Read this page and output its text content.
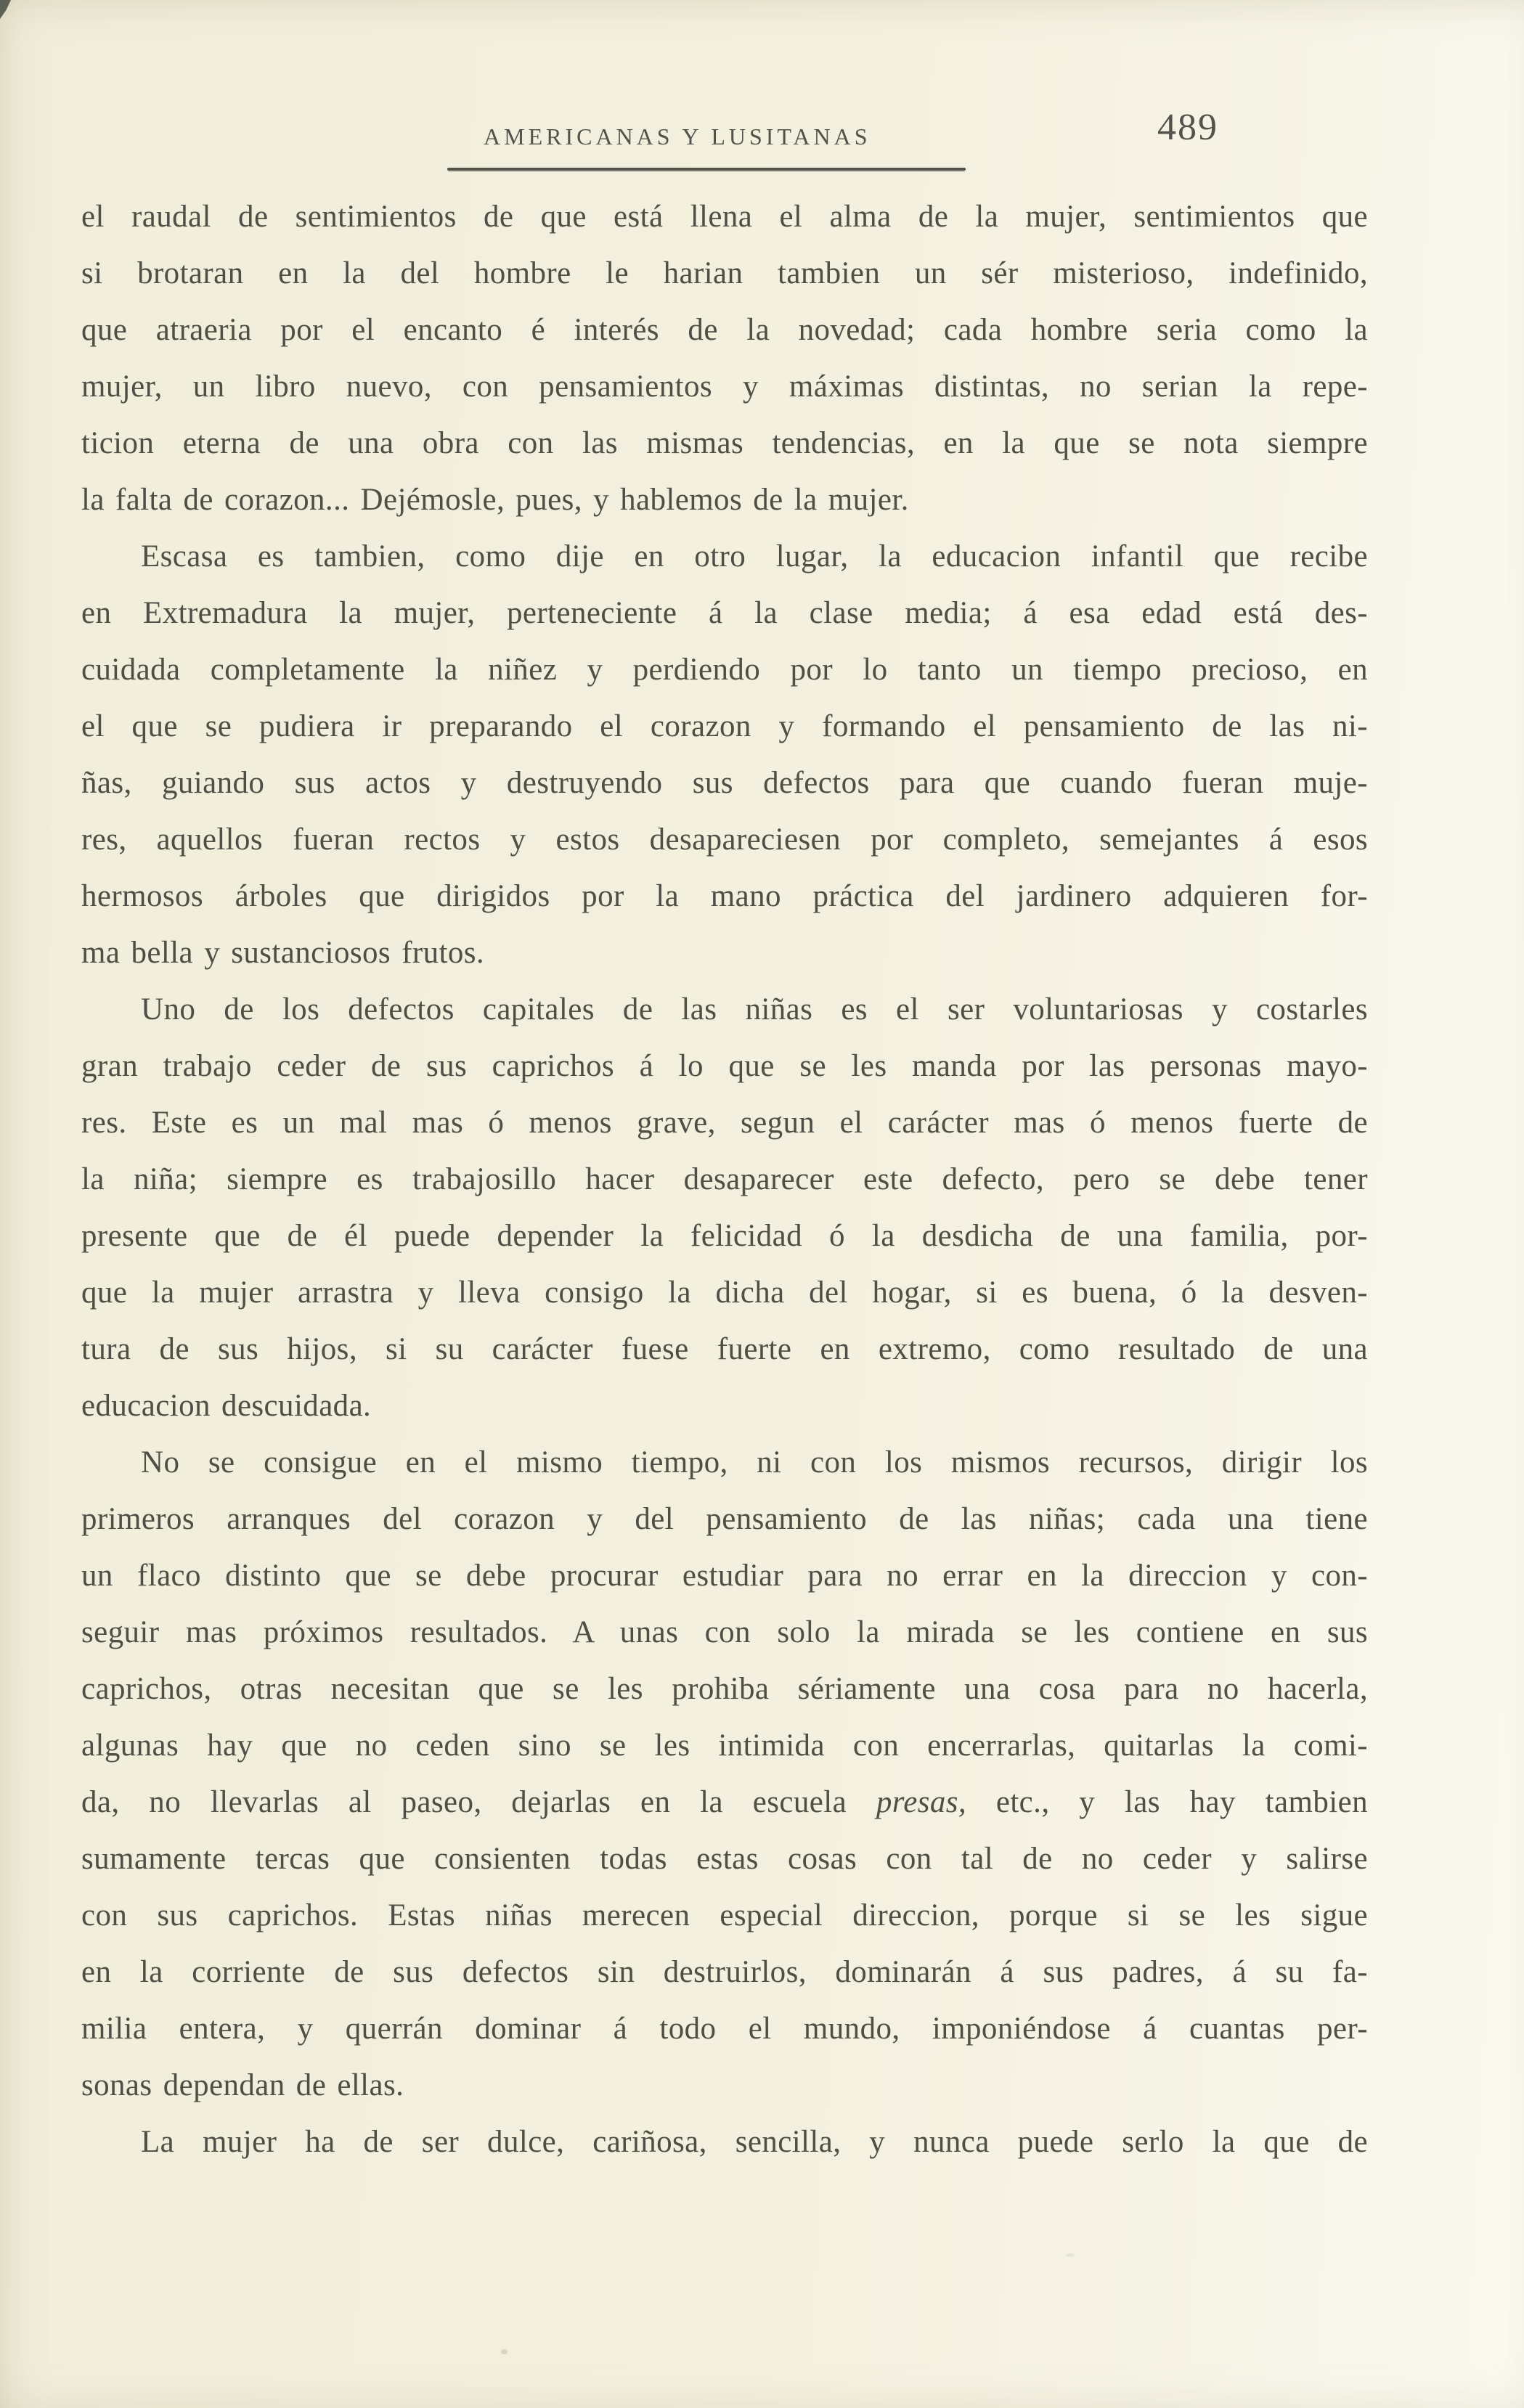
AMERICANAS Y LUSITANAS	489
el raudal de sentimientos de que está llena el alma de la mujer, sentimientos que
si brotaran en la del hombre le harian tambien un sér misterioso, indefinido,
que atraeria por el encanto é interés de la novedad; cada hombre seria como la
mujer, un libro nuevo, con pensamientos y máximas distintas, no serian la repe-
ticion eterna de una obra con las mismas tendencias, en la que se nota siempre
la falta de corazon... Dejémosle, pues, y hablemos de la mujer.
Escasa es tambien, como dije en otro lugar, la educacion infantil que recibe
en Extremadura la mujer, perteneciente á la clase media; á esa edad está des-
cuidada completamente la niñez y perdiendo por lo tanto un tiempo precioso, en
el que se pudiera ir preparando el corazon y formando el pensamiento de las ni-
ñas, guiando sus actos y destruyendo sus defectos para que cuando fueran muje-
res, aquellos fueran rectos y estos desapareciesen por completo, semejantes á esos
hermosos árboles que dirigidos por la mano práctica del jardinero adquieren for-
ma bella y sustanciosos frutos.
Uno de los defectos capitales de las niñas es el ser voluntariosas y costarles
gran trabajo ceder de sus caprichos á lo que se les manda por las personas mayo-
res. Este es un mal mas ó menos grave, segun el carácter mas ó menos fuerte de
la niña; siempre es trabajosillo hacer desaparecer este defecto, pero se debe tener
presente que de él puede depender la felicidad ó la desdicha de una familia, por-
que la mujer arrastra y lleva consigo la dicha del hogar, si es buena, ó la desven-
tura de sus hijos, si su carácter fuese fuerte en extremo, como resultado de una
educacion descuidada.
No se consigue en el mismo tiempo, ni con los mismos recursos, dirigir los
primeros arranques del corazon y del pensamiento de las niñas; cada una tiene
un flaco distinto que se debe procurar estudiar para no errar en la direccion y con-
seguir mas próximos resultados. A unas con solo la mirada se les contiene en sus
caprichos, otras necesitan que se les prohiba sériamente una cosa para no hacerla,
algunas hay que no ceden sino se les intimida con encerrarlas, quitarlas la comi-
da, no llevarlas al paseo, dejarlas en la escuela presas, etc., y las hay tambien
sumamente tercas que consienten todas estas cosas con tal de no ceder y salirse
con sus caprichos. Estas niñas merecen especial direccion, porque si se les sigue
en la corriente de sus defectos sin destruirlos, dominarán á sus padres, á su fa-
milia entera, y querrán dominar á todo el mundo, imponiéndose á cuantas per-
sonas dependan de ellas.
La mujer ha de ser dulce, cariñosa, sencilla, y nunca puede serlo la que de
